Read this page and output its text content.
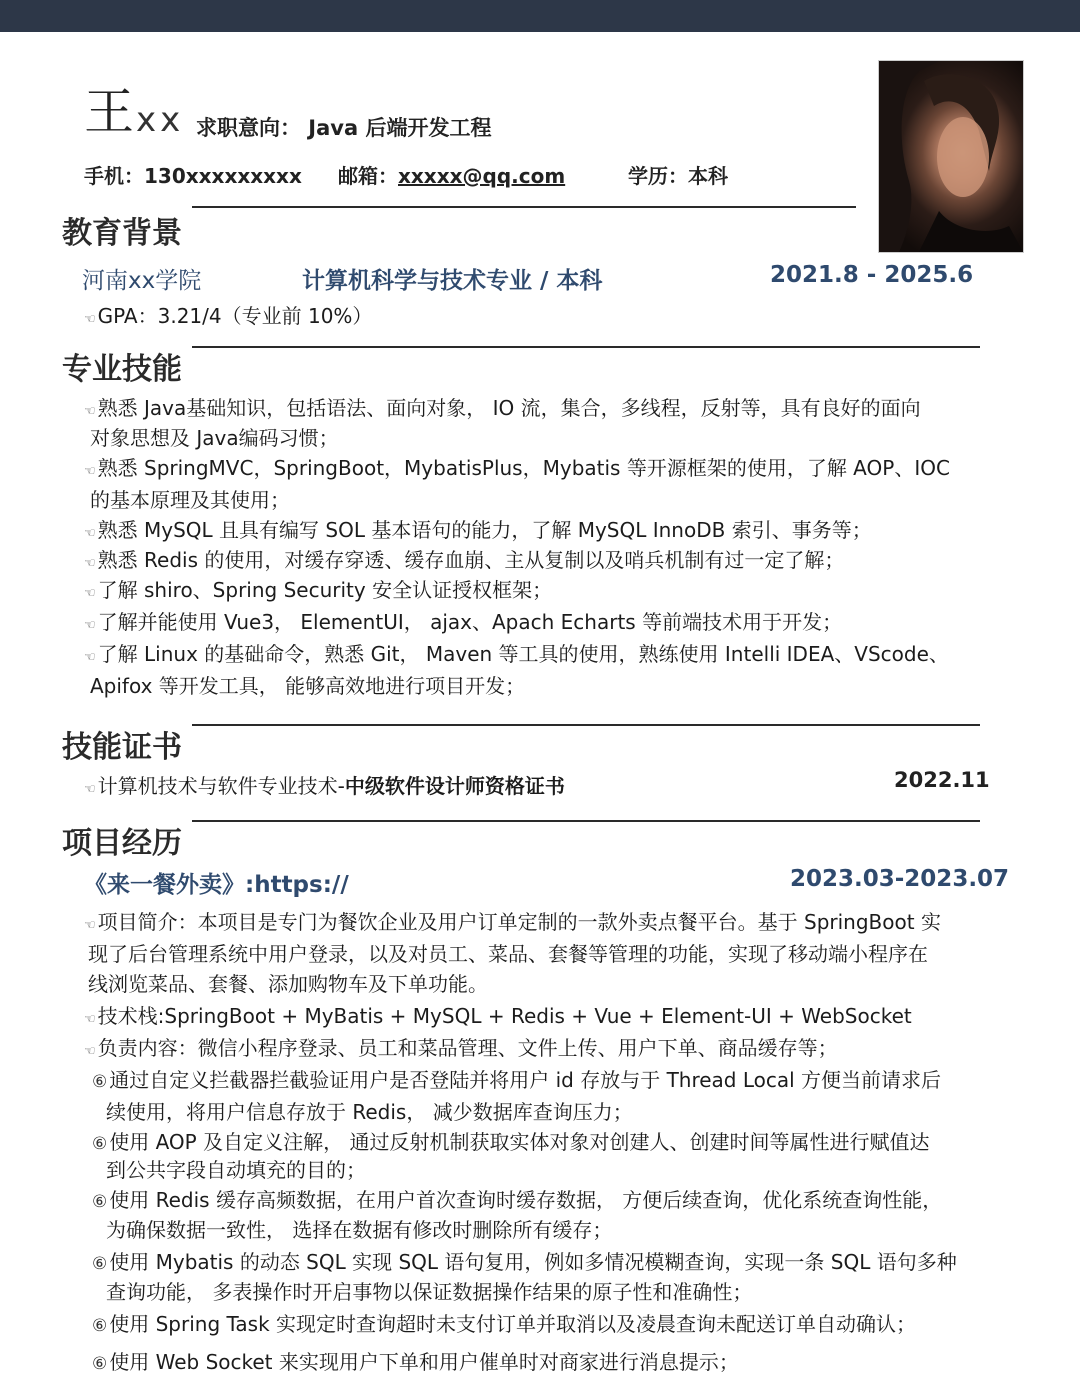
王 xx 求职意向： Java 后端开发工程
手机：130xxxxxxxxx 邮箱：xxxxx@qq.com	学历：本科
教育背景
河南xx学院	计算机科学与技术专业 / 本科	2021.8 - 2025.6
☜ GPA：3.21/4（专业前 10%）
专业技能
☜ 熟悉 Java基础知识，包括语法、面向对象， IO 流，集合，多线程，反射等，具有良好的面向
对象思想及 Java编码习惯；
☜ 熟悉 SpringMVC，SpringBoot，MybatisPlus，Mybatis 等开源框架的使用，了解 AOP、IOC
的基本原理及其使用；
☜ 熟悉 MySQL 且具有编写 SOL 基本语句的能力，了解 MySQL InnoDB 索引、事务等；
☜ 熟悉 Redis 的使用，对缓存穿透、缓存血崩、主从复制以及哨兵机制有过一定了解；
☜ 了解 shiro、Spring Security 安全认证授权框架；
☜ 了解并能使用 Vue3， ElementUI， ajax、Apach Echarts 等前端技术用于开发；
☜ 了解 Linux 的基础命令，熟悉 Git， Maven 等工具的使用，熟练使用 Intelli IDEA、VScode、
Apifox 等开发工具， 能够高效地进行项目开发；
技能证书
☜ 计算机技术与软件专业技术-中级软件设计师资格证书	2022.11
项目经历
《来一餐外卖》:https://	2023.03-2023.07
☜ 项目简介：本项目是专门为餐饮企业及用户订单定制的一款外卖点餐平台。基于 SpringBoot 实
现了后台管理系统中用户登录，以及对员工、菜品、套餐等管理的功能，实现了移动端小程序在
线浏览菜品、套餐、添加购物车及下单功能。
☜ 技术栈:SpringBoot + MyBatis + MySQL + Redis + Vue + Element-UI + WebSocket
☜ 负责内容：微信小程序登录、员工和菜品管理、文件上传、用户下单、商品缓存等；
⑥ 通过自定义拦截器拦截验证用户是否登陆并将用户 id 存放与于 Thread Local 方便当前请求后
续使用，将用户信息存放于 Redis， 减少数据库查询压力；
⑥ 使用 AOP 及自定义注解， 通过反射机制获取实体对象对创建人、创建时间等属性进行赋值达
到公共字段自动填充的目的；
⑥ 使用 Redis 缓存高频数据，在用户首次查询时缓存数据， 方便后续查询，优化系统查询性能，
为确保数据一致性， 选择在数据有修改时删除所有缓存；
⑥ 使用 Mybatis 的动态 SQL 实现 SQL 语句复用，例如多情况模糊查询，实现一条 SQL 语句多种
查询功能， 多表操作时开启事物以保证数据操作结果的原子性和准确性；
⑥ 使用 Spring Task 实现定时查询超时未支付订单并取消以及凌晨查询未配送订单自动确认；
⑥ 使用 Web Socket 来实现用户下单和用户催单时对商家进行消息提示；
